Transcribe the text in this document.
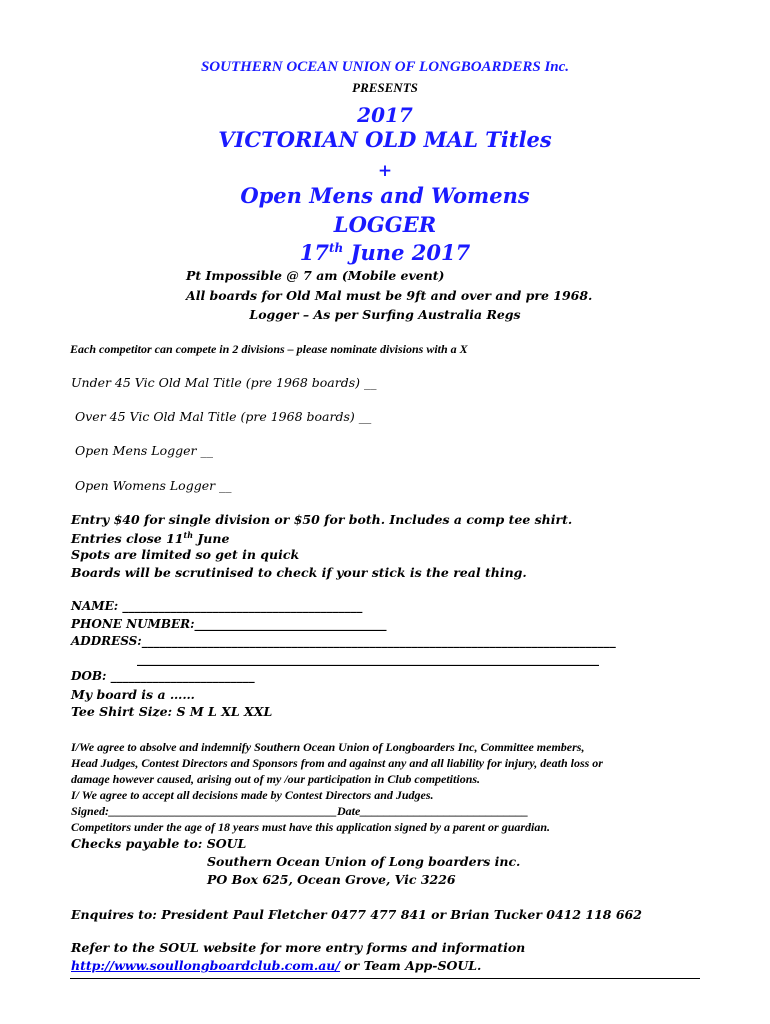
SOUTHERN OCEAN UNION OF LONGBOARDERS Inc.
PRESENTS
2017
VICTORIAN OLD MAL Titles
+
Open Mens and Womens
LOGGER
17th June 2017
Pt Impossible @ 7 am (Mobile event)
All boards for Old Mal must be 9ft and over and pre 1968.
Logger – As per Surfing Australia Regs
Each competitor can compete in 2 divisions – please nominate divisions with a X
Under 45 Vic Old Mal Title (pre 1968 boards) __
Over 45 Vic Old Mal Title (pre 1968 boards) __
Open Mens Logger __
Open Womens Logger __
Entry $40 for single division or $50 for both. Includes a comp tee shirt.
Entries close 11th June
Spots are limited so get in quick
Boards will be scrutinised to check if your stick is the real thing.
NAME: ________________________________________
PHONE NUMBER:________________________________
ADDRESS:_______________________________________________________________________________
_____________________________________________________________________________
DOB: ________________________
My board is a ……
Tee Shirt Size: S M L XL XXL
I/We agree to absolve and indemnify Southern Ocean Union of Longboarders Inc, Committee members,
Head Judges, Contest Directors and Sponsors from and against any and all liability for injury, death loss or
damage however caused, arising out of my /our participation in Club competitions.
I/ We agree to accept all decisions made by Contest Directors and Judges.
Signed:______________________________________Date____________________________
Competitors under the age of 18 years must have this application signed by a parent or guardian.
Checks payable to: SOUL
Southern Ocean Union of Long boarders inc.
PO Box 625, Ocean Grove, Vic 3226
Enquires to: President Paul Fletcher 0477 477 841 or Brian Tucker 0412 118 662
Refer to the SOUL website for more entry forms and information
http://www.soullongboardclub.com.au/ or Team App-SOUL.
